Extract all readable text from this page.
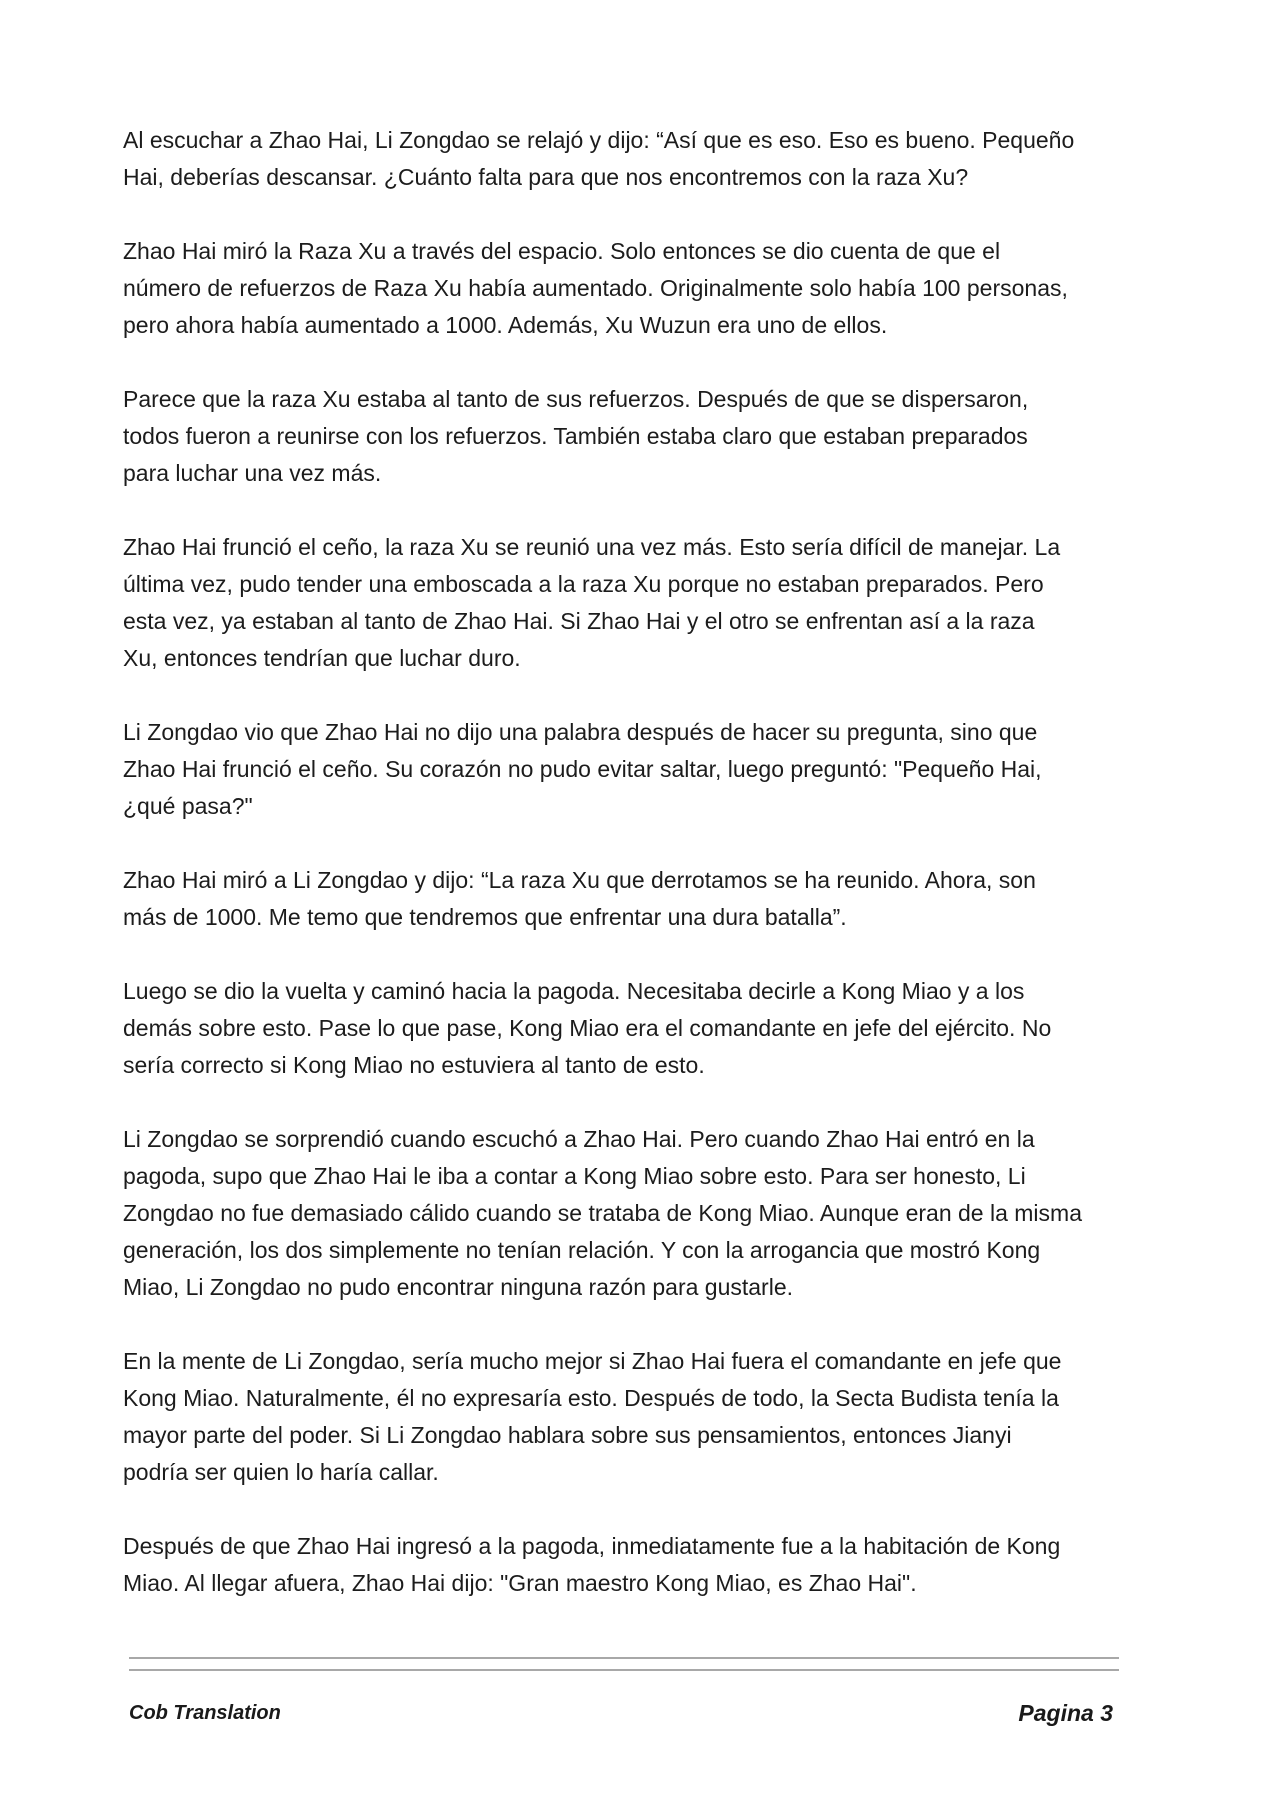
Al escuchar a Zhao Hai, Li Zongdao se relajó y dijo: “Así que es eso. Eso es bueno. Pequeño
Hai, deberías descansar. ¿Cuánto falta para que nos encontremos con la raza Xu?
Zhao Hai miró la Raza Xu a través del espacio. Solo entonces se dio cuenta de que el
número de refuerzos de Raza Xu había aumentado. Originalmente solo había 100 personas,
pero ahora había aumentado a 1000. Además, Xu Wuzun era uno de ellos.
Parece que la raza Xu estaba al tanto de sus refuerzos. Después de que se dispersaron,
todos fueron a reunirse con los refuerzos. También estaba claro que estaban preparados
para luchar una vez más.
Zhao Hai frunció el ceño, la raza Xu se reunió una vez más. Esto sería difícil de manejar. La
última vez, pudo tender una emboscada a la raza Xu porque no estaban preparados. Pero
esta vez, ya estaban al tanto de Zhao Hai. Si Zhao Hai y el otro se enfrentan así a la raza
Xu, entonces tendrían que luchar duro.
Li Zongdao vio que Zhao Hai no dijo una palabra después de hacer su pregunta, sino que
Zhao Hai frunció el ceño. Su corazón no pudo evitar saltar, luego preguntó: "Pequeño Hai,
¿qué pasa?"
Zhao Hai miró a Li Zongdao y dijo: “La raza Xu que derrotamos se ha reunido. Ahora, son
más de 1000. Me temo que tendremos que enfrentar una dura batalla”.
Luego se dio la vuelta y caminó hacia la pagoda. Necesitaba decirle a Kong Miao y a los
demás sobre esto. Pase lo que pase, Kong Miao era el comandante en jefe del ejército. No
sería correcto si Kong Miao no estuviera al tanto de esto.
Li Zongdao se sorprendió cuando escuchó a Zhao Hai. Pero cuando Zhao Hai entró en la
pagoda, supo que Zhao Hai le iba a contar a Kong Miao sobre esto. Para ser honesto, Li
Zongdao no fue demasiado cálido cuando se trataba de Kong Miao. Aunque eran de la misma
generación, los dos simplemente no tenían relación. Y con la arrogancia que mostró Kong
Miao, Li Zongdao no pudo encontrar ninguna razón para gustarle.
En la mente de Li Zongdao, sería mucho mejor si Zhao Hai fuera el comandante en jefe que
Kong Miao. Naturalmente, él no expresaría esto. Después de todo, la Secta Budista tenía la
mayor parte del poder. Si Li Zongdao hablara sobre sus pensamientos, entonces Jianyi
podría ser quien lo haría callar.
Después de que Zhao Hai ingresó a la pagoda, inmediatamente fue a la habitación de Kong
Miao. Al llegar afuera, Zhao Hai dijo: "Gran maestro Kong Miao, es Zhao Hai".
Cob Translation	Pagina 3
